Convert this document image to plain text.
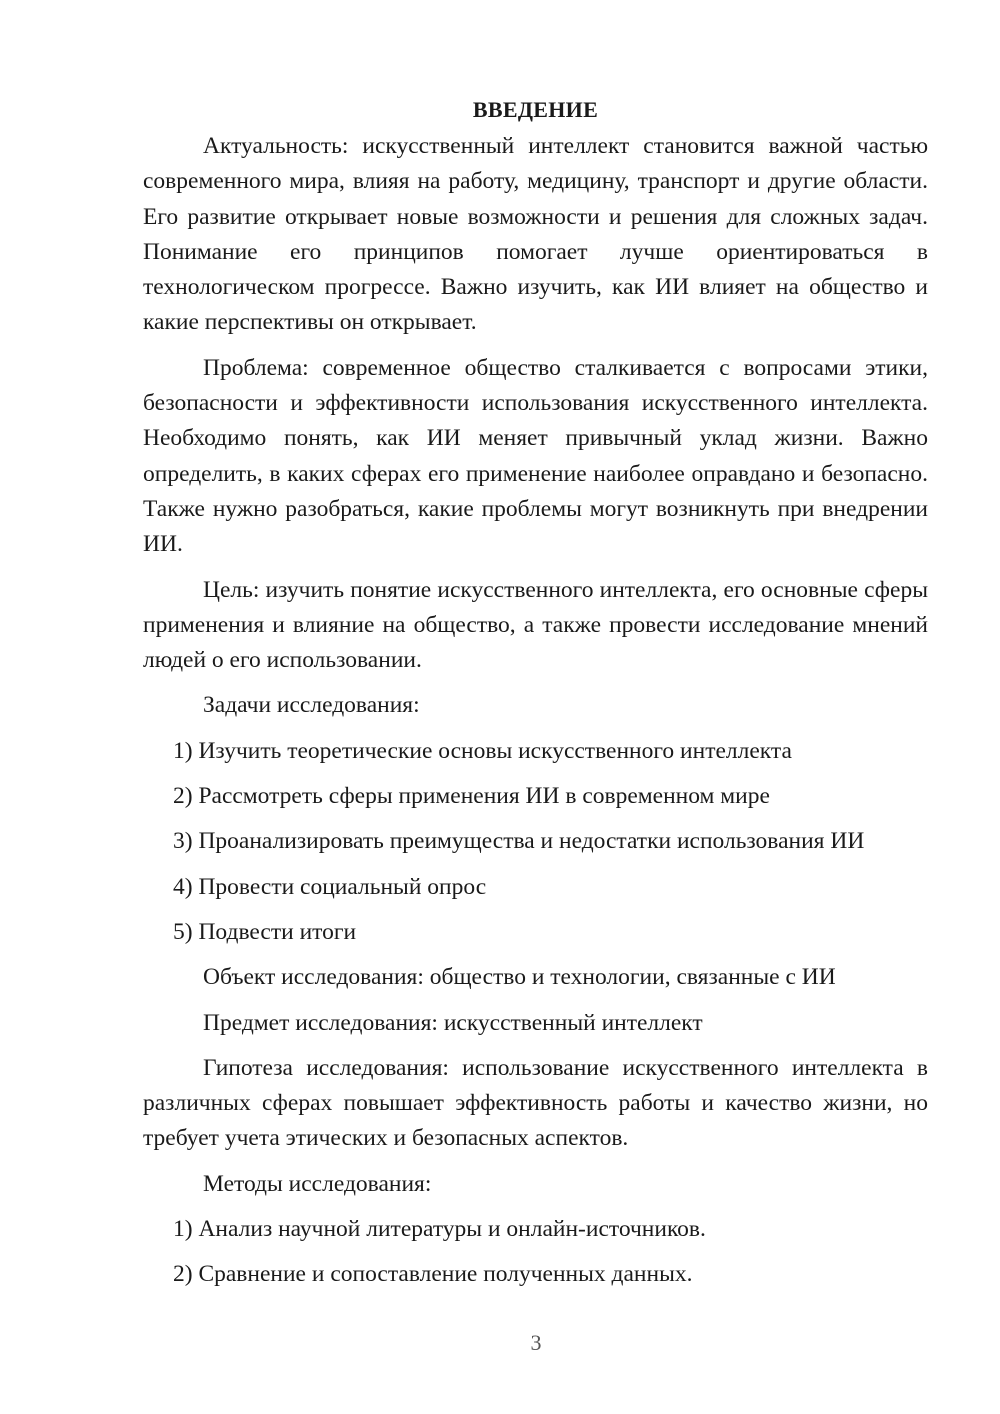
ВВЕДЕНИЕ

Актуальность: искусственный интеллект становится важной частью современного мира, влияя на работу, медицину, транспорт и другие области. Его развитие открывает новые возможности и решения для сложных задач. Понимание его принципов помогает лучше ориентироваться в технологическом прогрессе. Важно изучить, как ИИ влияет на общество и какие перспективы он открывает.

Проблема: современное общество сталкивается с вопросами этики, безопасности и эффективности использования искусственного интеллекта. Необходимо понять, как ИИ меняет привычный уклад жизни. Важно определить, в каких сферах его применение наиболее оправдано и безопасно. Также нужно разобраться, какие проблемы могут возникнуть при внедрении ИИ.

Цель: изучить понятие искусственного интеллекта, его основные сферы применения и влияние на общество, а также провести исследование мнений людей о его использовании.

Задачи исследования:

1) Изучить теоретические основы искусственного интеллекта
2) Рассмотреть сферы применения ИИ в современном мире
3) Проанализировать преимущества и недостатки использования ИИ
4) Провести социальный опрос
5) Подвести итоги

Объект исследования: общество и технологии, связанные с ИИ

Предмет исследования: искусственный интеллект

Гипотеза исследования: использование искусственного интеллекта в различных сферах повышает эффективность работы и качество жизни, но требует учета этических и безопасных аспектов.

Методы исследования:

1) Анализ научной литературы и онлайн-источников.
2) Сравнение и сопоставление полученных данных.
3
